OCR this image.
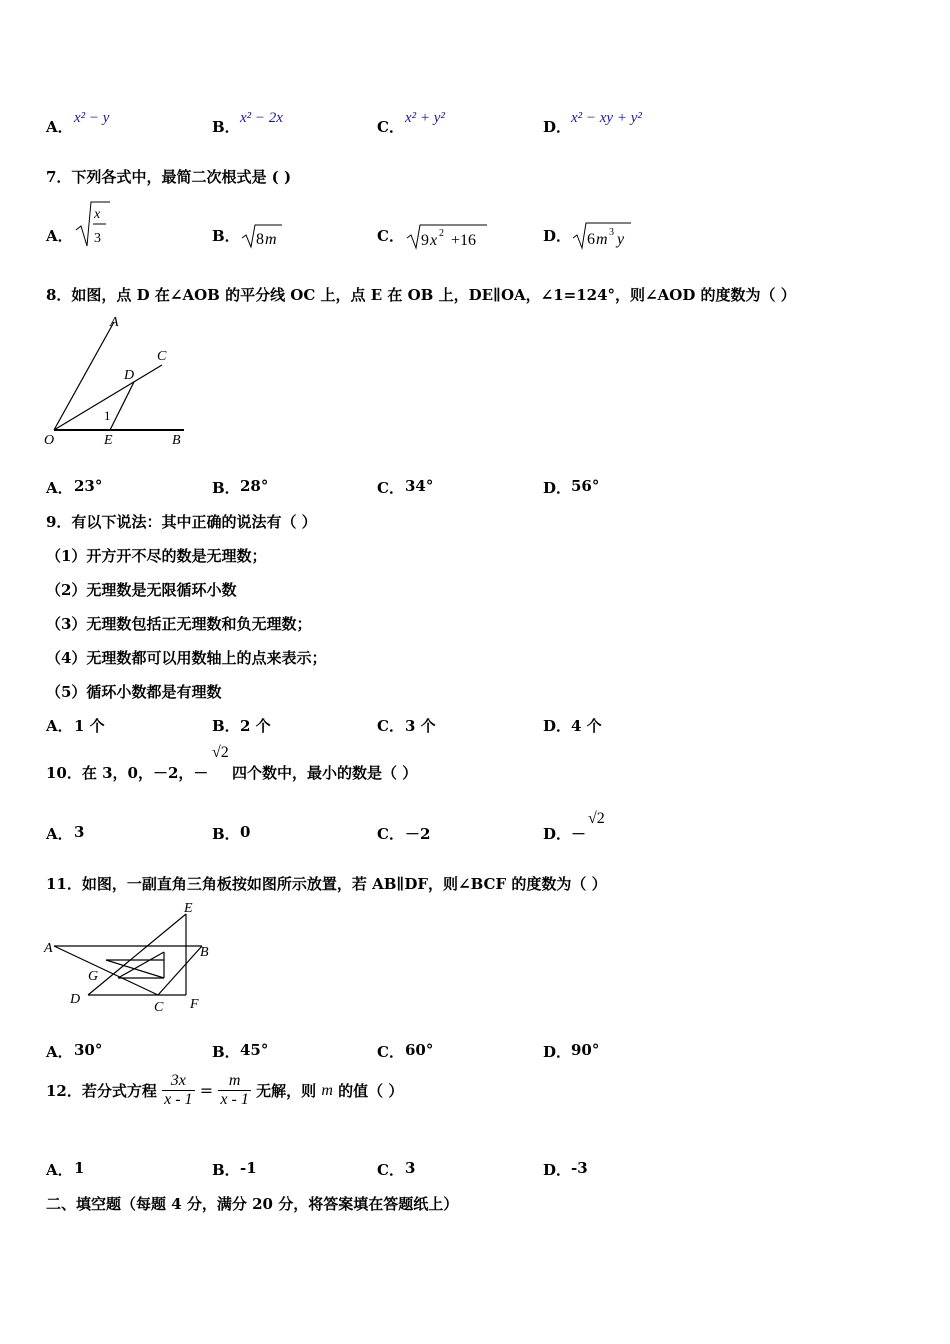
A． x² − y	B． x² − 2x	C． x² + y²	D． x² − xy + y²
7．下列各式中，最简二次根式是 ( )
A．
x
3	B． 8 m	C． 9 x 2 +16	D． 6 m 3 y
8．如图，点 D 在∠AOB 的平分线 OC 上，点 E 在 OB 上，DE∥OA，∠1=124°，则∠AOD 的度数为（ ）
A
C
D
1
O	E	B
A． 23°	B． 28°	C． 34°	D． 56°
9．有以下说法：其中正确的说法有（ ）
（1）开方开不尽的数是无理数；
（2）无理数是无限循环小数
（3）无理数包括正无理数和负无理数；
（4）无理数都可以用数轴上的点来表示；
（5）循环小数都是有理数
A． 1 个	B． 2 个	C． 3 个	D． 4 个
10．在 3，0，－2，－
√2
四个数中，最小的数是（ ）
A． 3	B． 0	C． －2	D． －
√2
11．如图，一副直角三角板按如图所示放置，若 AB∥DF，则∠BCF 的度数为（ ）
A	B
C
D
E
F
G
A． 30°	B． 45°	C． 60°	D． 90°
12．若分式方程 $\frac{3x}{x - 1} = \frac{m}{x - 1}$ 无解，则 m 的值（ ）
A． 1	B． -1	C． 3	D． -3
二、填空题（每题 4 分，满分 20 分，将答案填在答题纸上）
